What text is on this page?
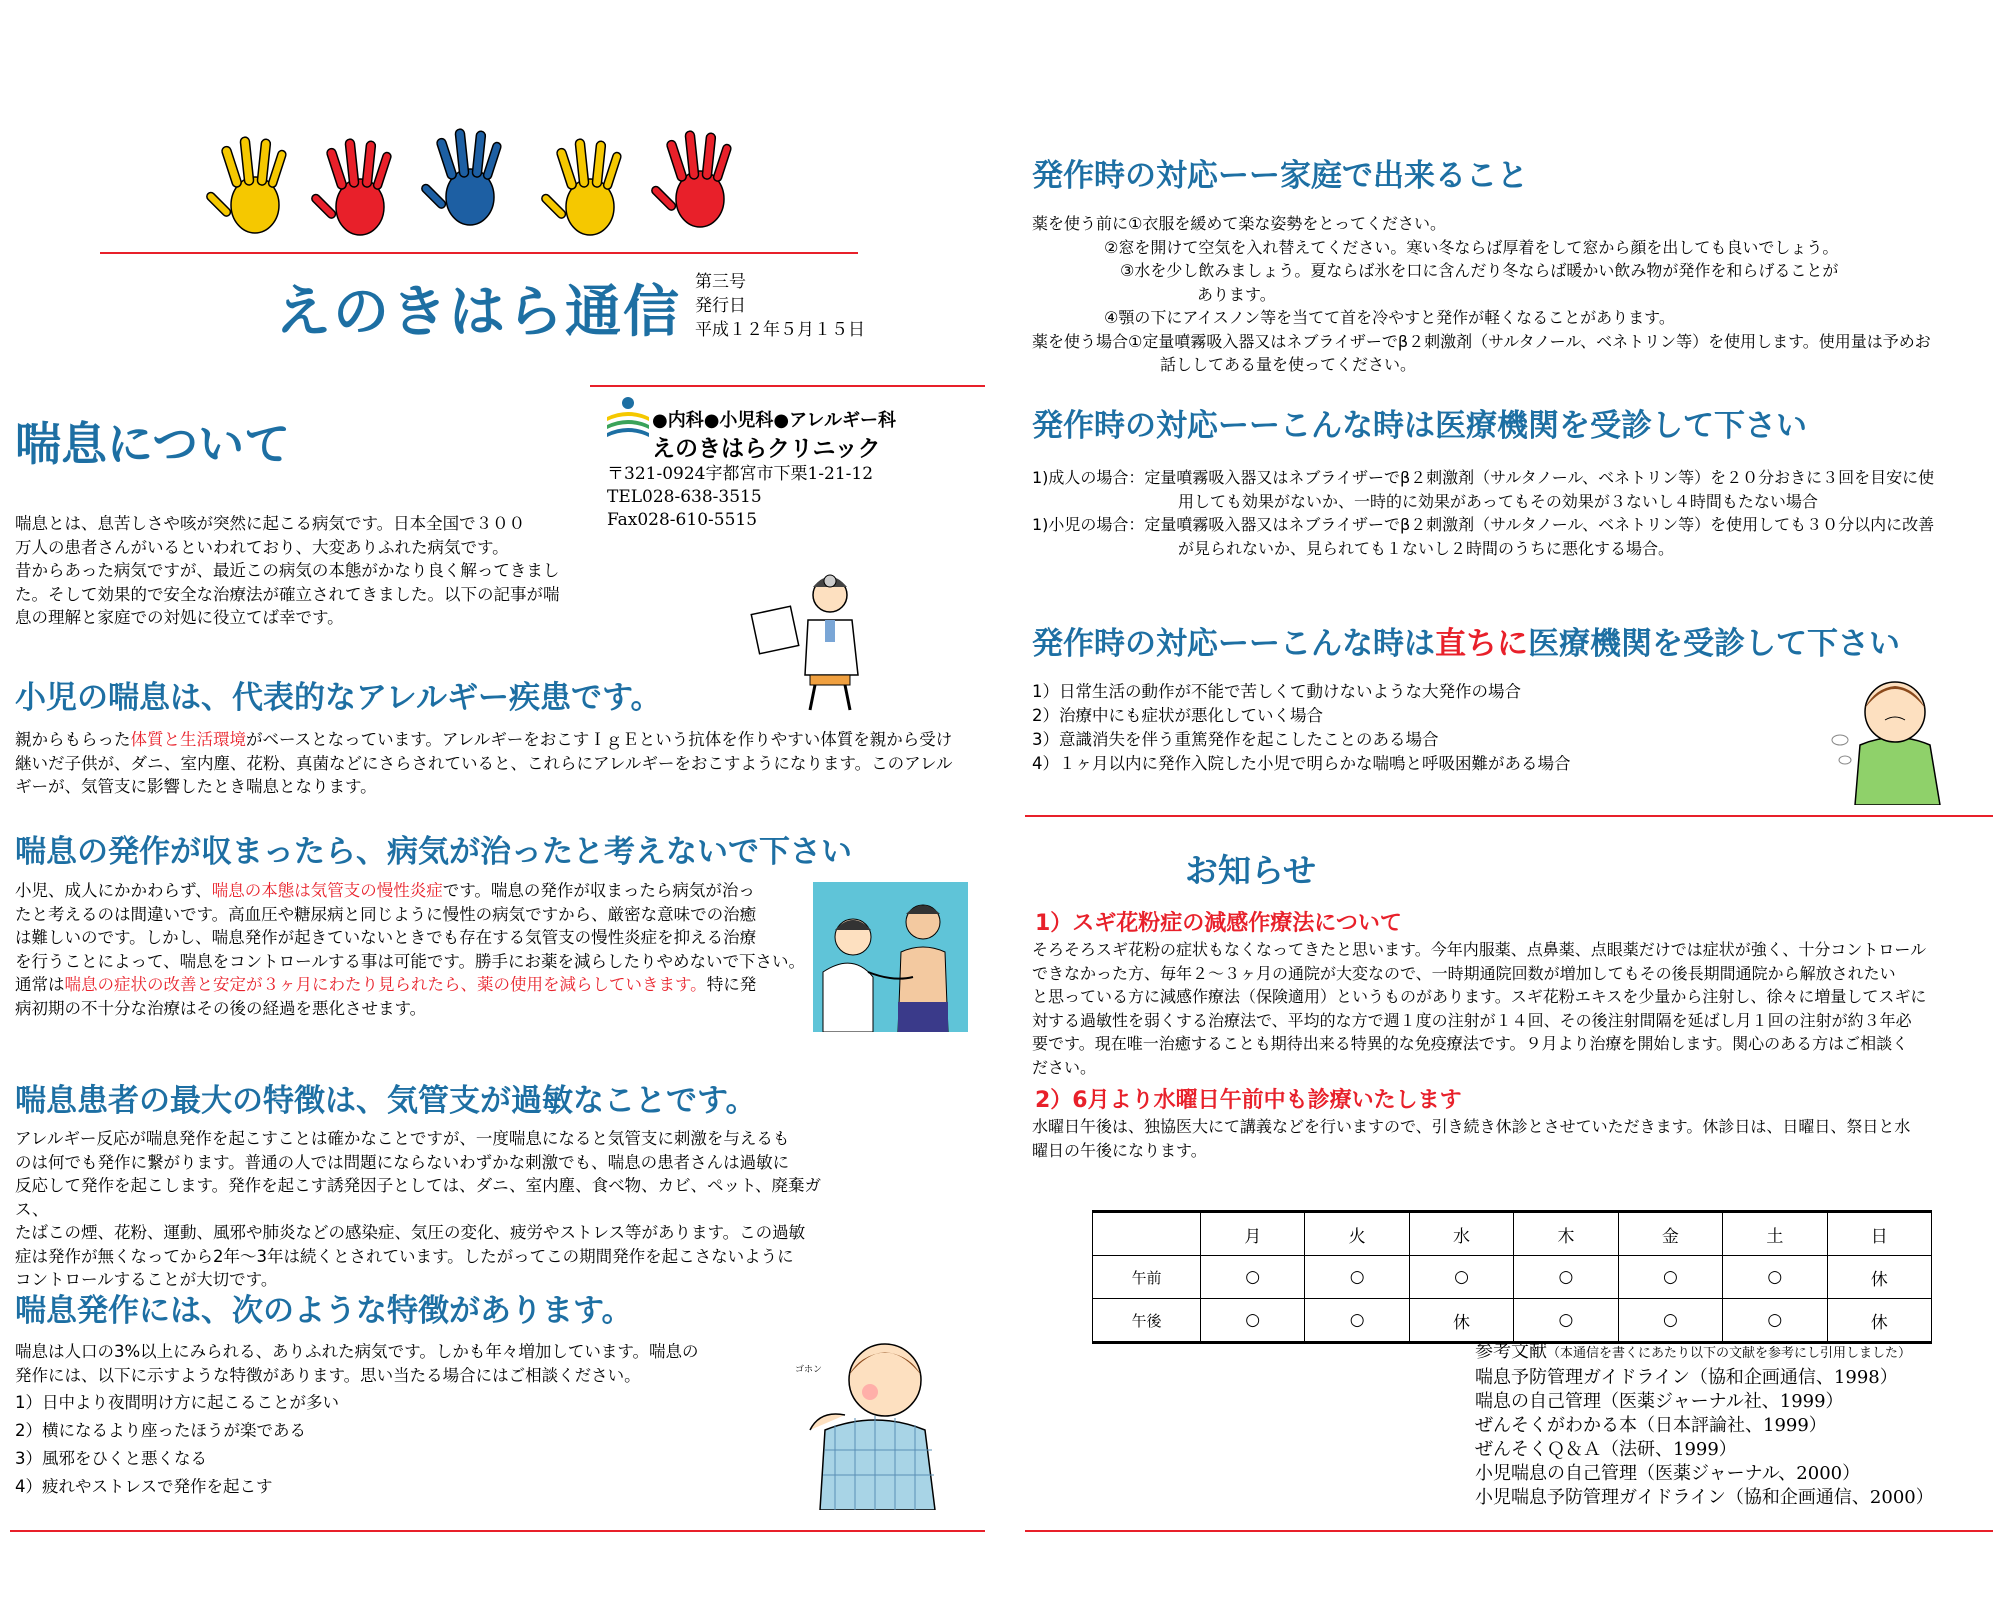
えのきはら通信 第三号
発行日
平成１２年５月１５日
●内科●小児科●アレルギー科
えのきはらクリニック
〒321-0924宇都宮市下栗1-21-12
TEL028-638-3515
Fax028-610-5515
喘息について
喘息とは、息苦しさや咳が突然に起こる病気です。日本全国で３００
万人の患者さんがいるといわれており、大変ありふれた病気です。
昔からあった病気ですが、最近この病気の本態がかなり良く解ってきまし
た。そして効果的で安全な治療法が確立されてきました。以下の記事が喘
息の理解と家庭での対処に役立てば幸です。
小児の喘息は、代表的なアレルギー疾患です。
親からもらった体質と生活環境がベースとなっています。アレルギーをおこすＩｇＥという抗体を作りやすい体質を親から受け
継いだ子供が、ダニ、室内塵、花粉、真菌などにさらされていると、これらにアレルギーをおこすようになります。このアレル
ギーが、気管支に影響したとき喘息となります。
喘息の発作が収まったら、病気が治ったと考えないで下さい
小児、成人にかかわらず、喘息の本態は気管支の慢性炎症です。喘息の発作が収まったら病気が治っ
たと考えるのは間違いです。高血圧や糖尿病と同じように慢性の病気ですから、厳密な意味での治癒
は難しいのです。しかし、喘息発作が起きていないときでも存在する気管支の慢性炎症を抑える治療
を行うことによって、喘息をコントロールする事は可能です。勝手にお薬を減らしたりやめないで下さい。
通常は喘息の症状の改善と安定が３ヶ月にわたり見られたら、薬の使用を減らしていきます。特に発
病初期の不十分な治療はその後の経過を悪化させます。
喘息患者の最大の特徴は、気管支が過敏なことです。
アレルギー反応が喘息発作を起こすことは確かなことですが、一度喘息になると気管支に刺激を与えるも
のは何でも発作に繋がります。普通の人では問題にならないわずかな刺激でも、喘息の患者さんは過敏に
反応して発作を起こします。発作を起こす誘発因子としては、ダニ、室内塵、食べ物、カビ、ペット、廃棄ガス、
たばこの煙、花粉、運動、風邪や肺炎などの感染症、気圧の変化、疲労やストレス等があります。この過敏
症は発作が無くなってから2年～3年は続くとされています。したがってこの期間発作を起こさないように
コントロールすることが大切です。
喘息発作には、次のような特徴があります。
喘息は人口の3%以上にみられる、ありふれた病気です。しかも年々増加しています。喘息の
発作には、以下に示すような特徴があります。思い当たる場合にはご相談ください。
1）日中より夜間明け方に起こることが多い
2）横になるより座ったほうが楽である
3）風邪をひくと悪くなる
4）疲れやストレスで発作を起こす
ゴホン
発作時の対応ーー家庭で出来ること
薬を使う前に①衣服を緩めて楽な姿勢をとってください。
②窓を開けて空気を入れ替えてください。寒い冬ならば厚着をして窓から顔を出しても良いでしょう。
③水を少し飲みましょう。夏ならば氷を口に含んだり冬ならば暖かい飲み物が発作を和らげることが
あります。
④顎の下にアイスノン等を当てて首を冷やすと発作が軽くなることがあります。
薬を使う場合①定量噴霧吸入器又はネブライザーでβ２刺激剤（サルタノール、ベネトリン等）を使用します。使用量は予めお
話ししてある量を使ってください。
発作時の対応ーーこんな時は医療機関を受診して下さい
1)成人の場合：定量噴霧吸入器又はネブライザーでβ２刺激剤（サルタノール、ベネトリン等）を２０分おきに３回を目安に使
用しても効果がないか、一時的に効果があってもその効果が３ないし４時間もたない場合
1)小児の場合：定量噴霧吸入器又はネブライザーでβ２刺激剤（サルタノール、ベネトリン等）を使用しても３０分以内に改善
が見られないか、見られても１ないし２時間のうちに悪化する場合。
発作時の対応ーーこんな時は直ちに医療機関を受診して下さい
1）日常生活の動作が不能で苦しくて動けないような大発作の場合
2）治療中にも症状が悪化していく場合
3）意識消失を伴う重篤発作を起こしたことのある場合
4）１ヶ月以内に発作入院した小児で明らかな喘鳴と呼吸困難がある場合
お知らせ
1）スギ花粉症の減感作療法について
そろそろスギ花粉の症状もなくなってきたと思います。今年内服薬、点鼻薬、点眼薬だけでは症状が強く、十分コントロール
できなかった方、毎年２～３ヶ月の通院が大変なので、一時期通院回数が増加してもその後長期間通院から解放されたい
と思っている方に減感作療法（保険適用）というものがあります。スギ花粉エキスを少量から注射し、徐々に増量してスギに
対する過敏性を弱くする治療法で、平均的な方で週１度の注射が１４回、その後注射間隔を延ばし月１回の注射が約３年必
要です。現在唯一治癒することも期待出来る特異的な免疫療法です。９月より治療を開始します。関心のある方はご相談く
ださい。
2）6月より水曜日午前中も診療いたします
水曜日午後は、独協医大にて講義などを行いますので、引き続き休診とさせていただきます。休診日は、日曜日、祭日と水
曜日の午後になります。
	月	火	水	木	金	土	日
午前	○	○	○	○	○	○	休
午後	○	○	休	○	○	○	休
参考文献（本通信を書くにあたり以下の文献を参考にし引用しました）
喘息予防管理ガイドライン（協和企画通信、1998）
喘息の自己管理（医薬ジャーナル社、1999）
ぜんそくがわかる本（日本評論社、1999）
ぜんそくＱ＆Ａ（法研、1999）
小児喘息の自己管理（医薬ジャーナル、2000）
小児喘息予防管理ガイドライン（協和企画通信、2000）
